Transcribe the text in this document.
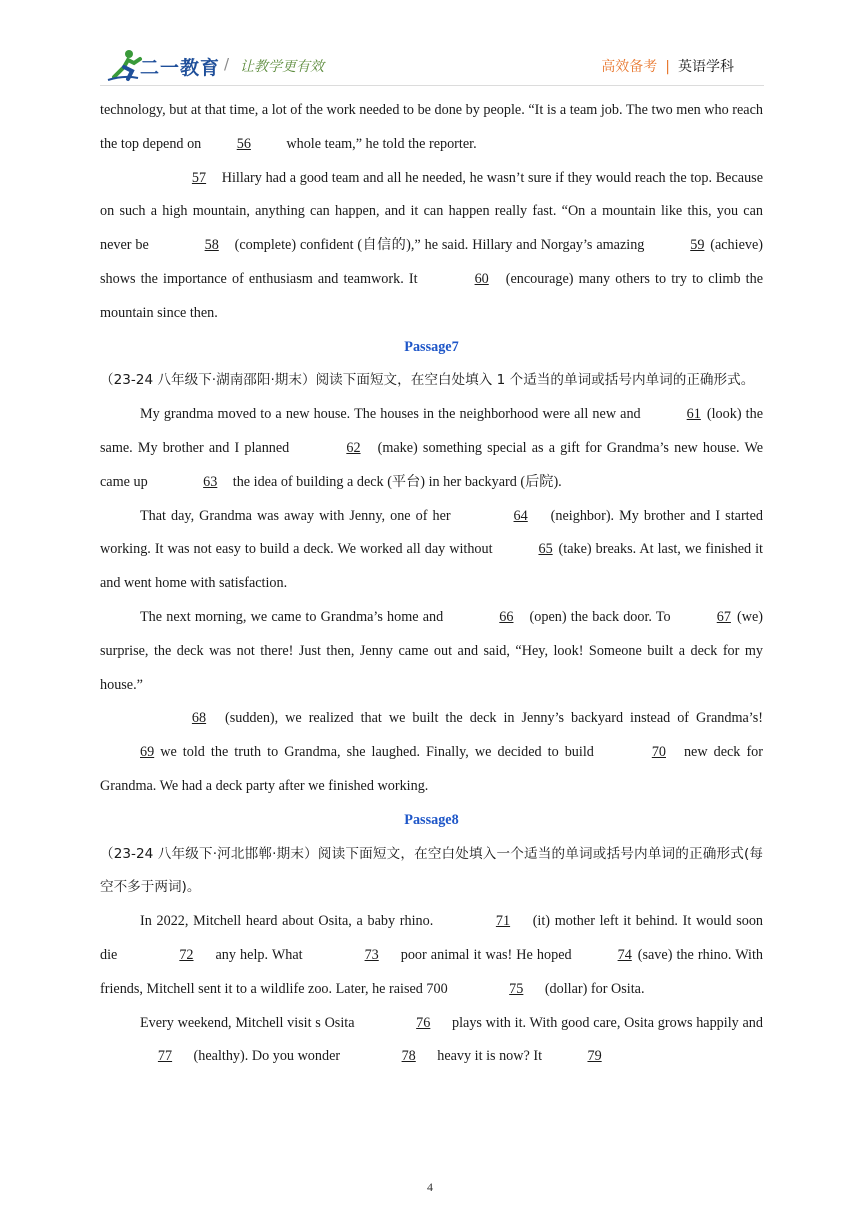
二一教育 / 让教学更有效	高效备考 | 英语学科

technology, but at that time, a lot of the work needed to be done by people. “It is a team job. The two men who reach the top depend on 56 whole team,” he told the reporter.

57 Hillary had a good team and all he needed, he wasn’t sure if they would reach the top. Because on such a high mountain, anything can happen, and it can happen really fast. “On a mountain like this, you can never be	58 (complete) confident (自信的),” he said. Hillary and Norgay’s amazing	59 (achieve) shows the importance of enthusiasm and teamwork. It	60 (encourage) many others to try to climb the mountain since then.

Passage7

（23-24 八年级下·湖南邵阳·期末）阅读下面短文，在空白处填入 1 个适当的单词或括号内单词的正确形式。

My grandma moved to a new house. The houses in the neighborhood were all new and	61 (look) the same. My brother and I planned	62 (make) something special as a gift for Grandma’s new house. We came up	63 the idea of building a deck (平台) in her backyard (后院).

That day, Grandma was away with Jenny, one of her	64 (neighbor). My brother and I started working. It was not easy to build a deck. We worked all day without	65 (take) breaks. At last, we finished it and went home with satisfaction.

The next morning, we came to Grandma’s home and	66 (open) the back door. To	67 (we) surprise, the deck was not there! Just then, Jenny came out and said, “Hey, look! Someone built a deck for my house.”

68 (sudden), we realized that we built the deck in Jenny’s backyard instead of Grandma’s! 69 we told the truth to Grandma, she laughed. Finally, we decided to build	70 new deck for Grandma. We had a deck party after we finished working.

Passage8

（23-24 八年级下·河北邯郸·期末）阅读下面短文，在空白处填入一个适当的单词或括号内单词的正确形式(每空不多于两词)。

In 2022, Mitchell heard about Osita, a baby rhino.	71 (it) mother left it behind. It would soon die	72 any help. What	73 poor animal it was! He hoped	74 (save) the rhino. With friends, Mitchell sent it to a wildlife zoo. Later, he raised 700	75 (dollar) for Osita.

Every weekend, Mitchell visit s Osita	76 plays with it. With good care, Osita grows happily and 77 (healthy). Do you wonder	78 heavy it is now? It	79

4
